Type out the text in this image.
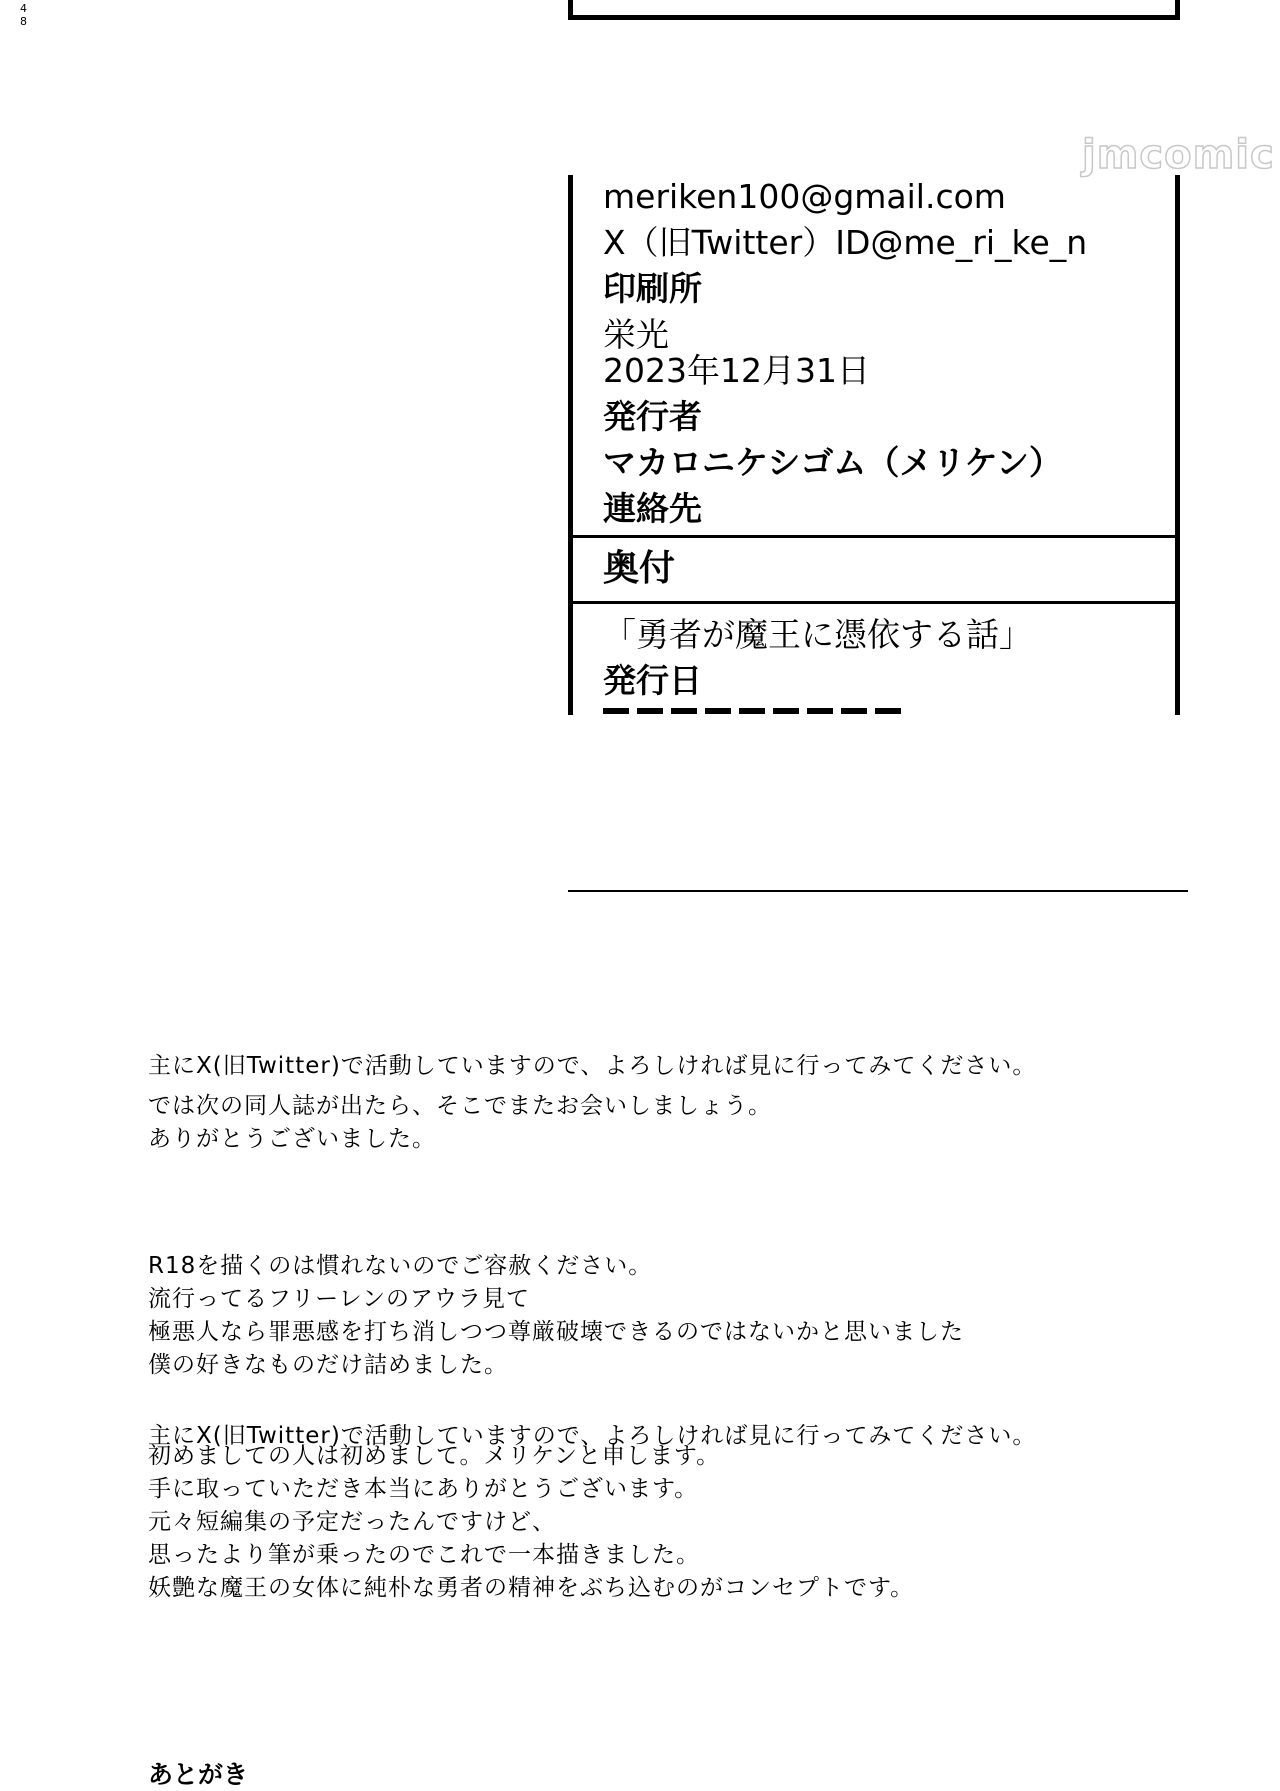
4
8
jmcomic
meriken100@gmail.com
X（旧Twitter）ID@me_ri_ke_n
印刷所
栄光
2023年12月31日
発行者
マカロニケシゴム（メリケン）
連絡先
奥付
「勇者が魔王に憑依する話」
発行日
主にX(旧Twitter)で活動していますので、よろしければ見に行ってみてください。
では次の同人誌が出たら、そこでまたお会いしましょう。
ありがとうございました。
R18を描くのは慣れないのでご容赦ください。
流行ってるフリーレンのアウラ見て
極悪人なら罪悪感を打ち消しつつ尊厳破壊できるのではないかと思いました
僕の好きなものだけ詰めました。
主にX(旧Twitter)で活動していますので、よろしければ見に行ってみてください。
初めましての人は初めまして。メリケンと申します。
手に取っていただき本当にありがとうございます。
元々短編集の予定だったんですけど、
思ったより筆が乗ったのでこれで一本描きました。
妖艶な魔王の女体に純朴な勇者の精神をぶち込むのがコンセプトです。
あとがき
